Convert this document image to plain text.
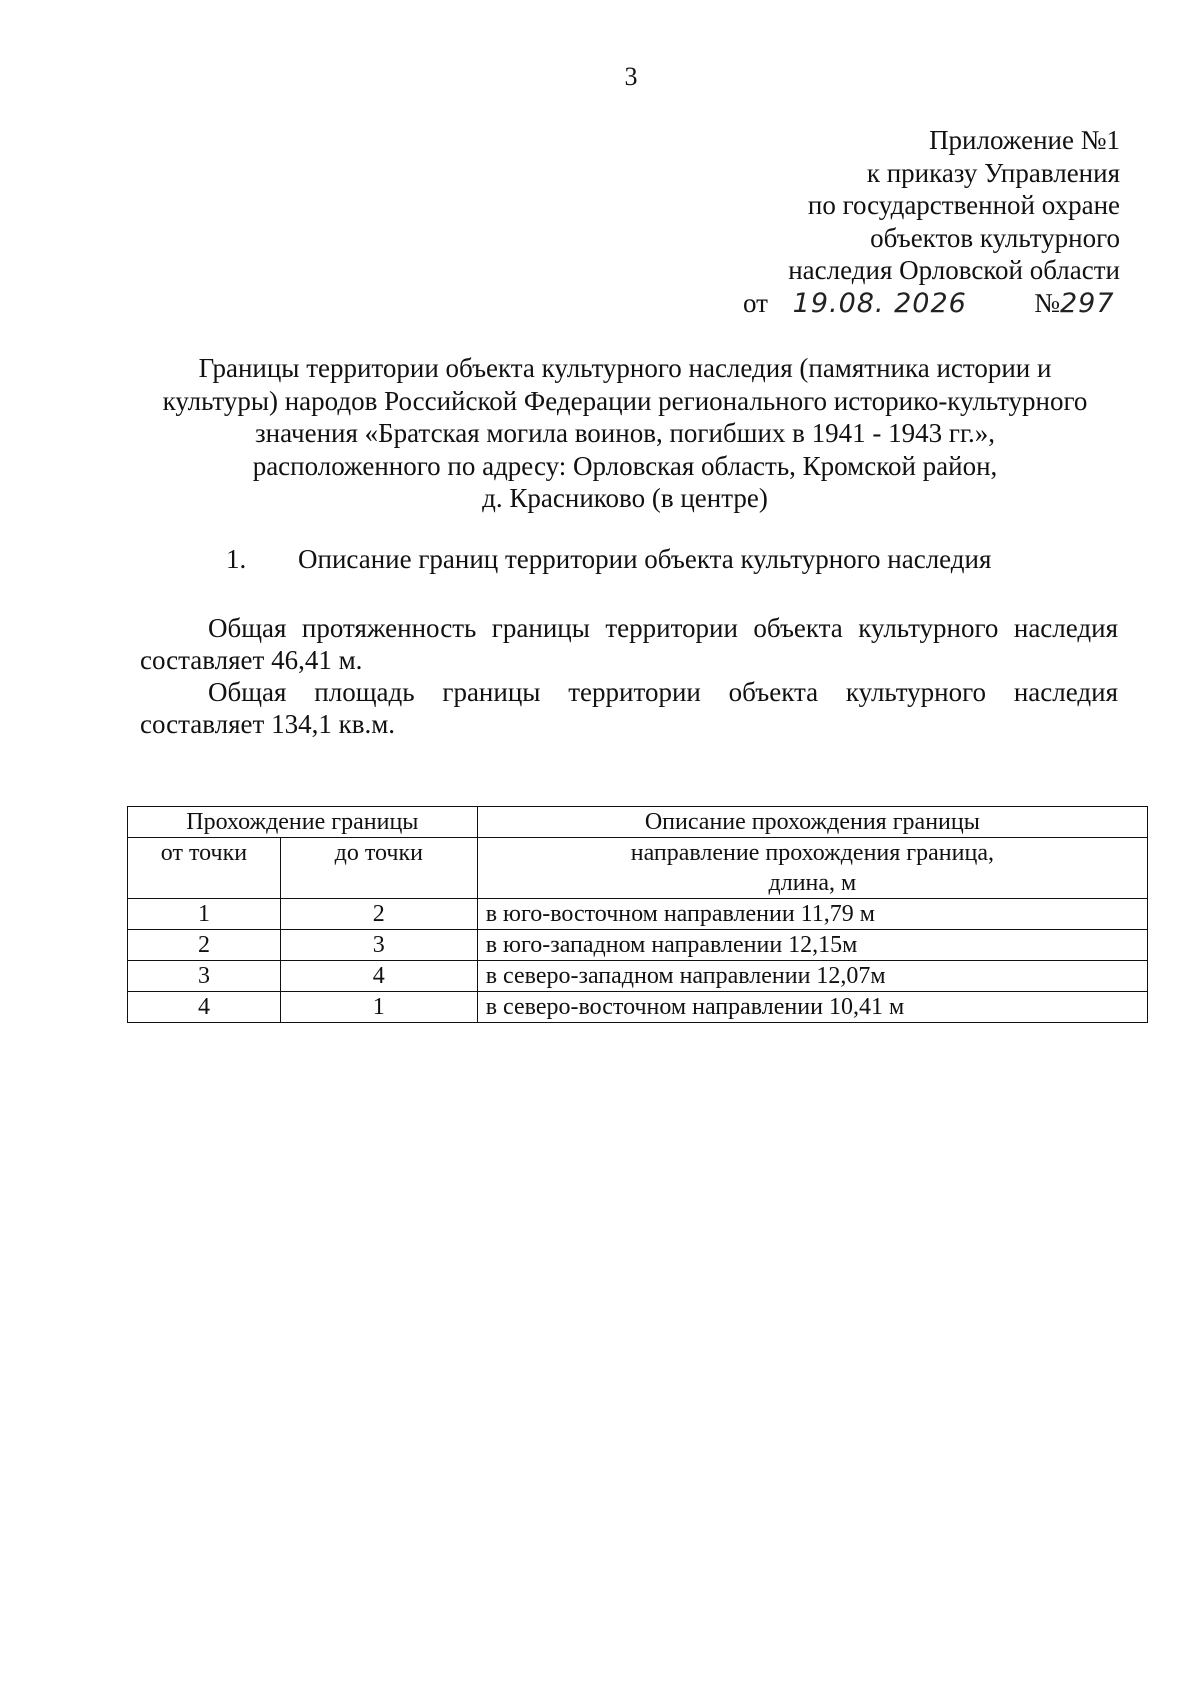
3
Приложение №1
к приказу Управления
по государственной охране
объектов культурного
наследия Орловской области
от 19.08. 2026 №297
Границы территории объекта культурного наследия (памятника истории и
культуры) народов Российской Федерации регионального историко-культурного
значения «Братская могила воинов, погибших в 1941 - 1943 гг.»,
расположенного по адресу: Орловская область, Кромской район,
д. Красниково (в центре)
1. Описание границ территории объекта культурного наследия
Общая протяженность границы территории объекта культурного наследия составляет 46,41 м.
Общая площадь границы территории объекта культурного наследия составляет 134,1 кв.м.
Прохождение границы		Описание прохождения границы
от точки	до точки	направление прохождения граница,
длина, м

1	2	в юго-восточном направлении 11,79 м
2	3	в юго-западном направлении 12,15м
3	4	в северо-западном направлении 12,07м
4	1	в северо-восточном направлении 10,41 м
